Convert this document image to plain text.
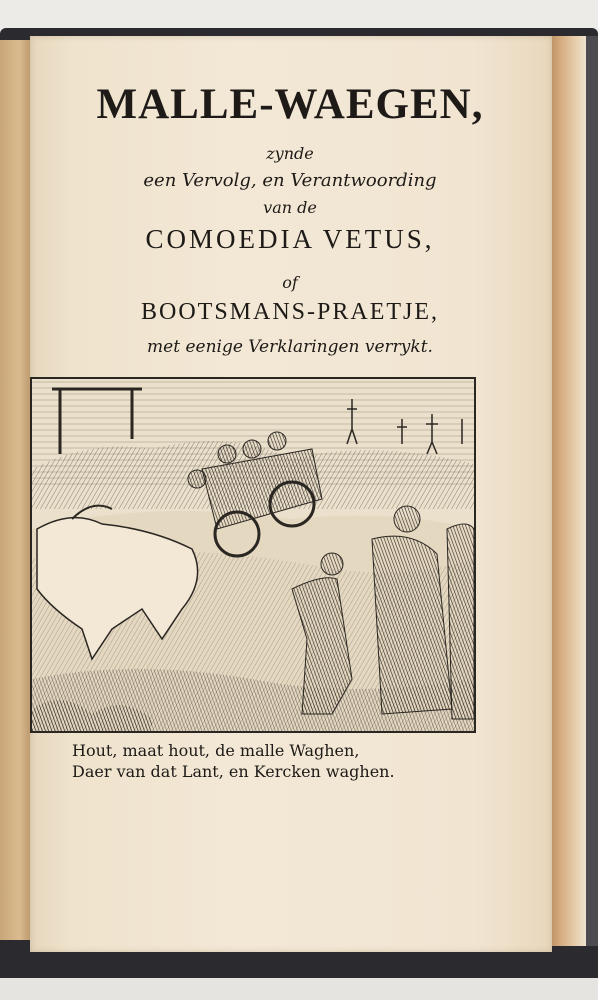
MALLE-WAEGEN,
zynde
een Vervolg, en Verantwoording
van de
COMOEDIA VETUS,
of
BOOTSMANS-PRAETJE,
met eenige Verklaringen verrykt.
Hout, maat hout, de malle Waghen,
Daer van dat Lant, en Kercken waghen.
